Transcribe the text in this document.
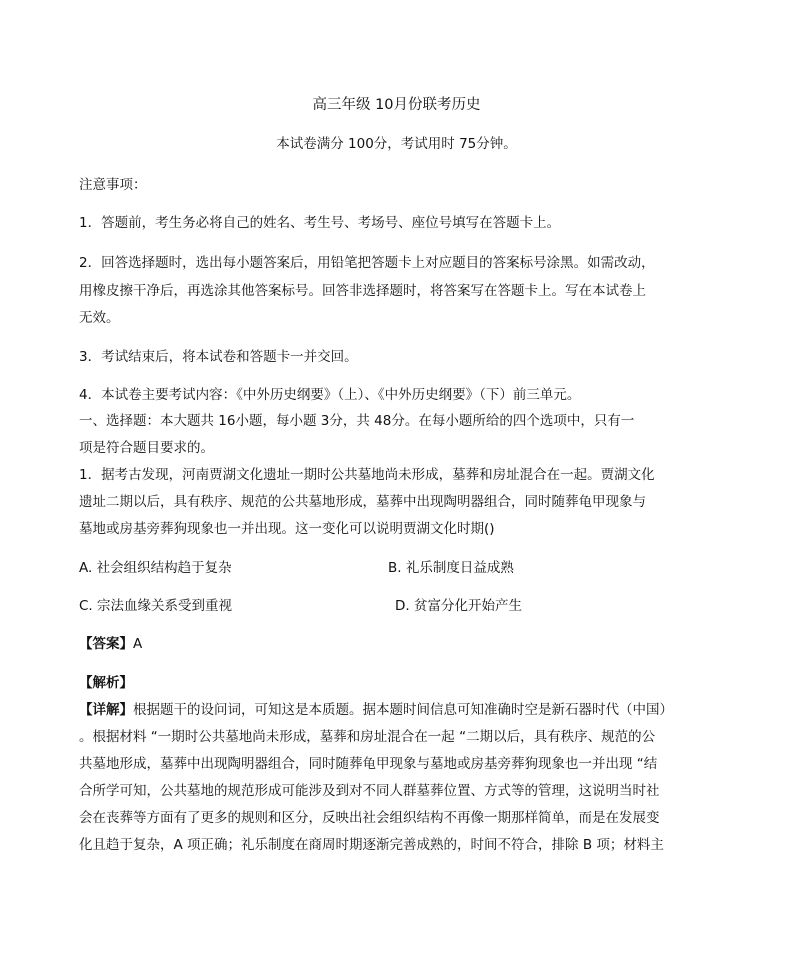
高三年级 10月份联考历史
本试卷满分 100分，考试用时 75分钟。
注意事项：
1．答题前，考生务必将自己的姓名、考生号、考场号、座位号填写在答题卡上。
2．回答选择题时，选出每小题答案后，用铅笔把答题卡上对应题目的答案标号涂黑。如需改动，
用橡皮擦干净后，再选涂其他答案标号。回答非选择题时，将答案写在答题卡上。写在本试卷上
无效。
3．考试结束后，将本试卷和答题卡一并交回。
4．本试卷主要考试内容：《中外历史纲要》（上）、《中外历史纲要》（下）前三单元。
一、选择题：本大题共 16小题，每小题 3分，共 48分。在每小题所给的四个选项中，只有一
项是符合题目要求的。
1．据考古发现，河南贾湖文化遗址一期时公共墓地尚未形成，墓葬和房址混合在一起。贾湖文化
遗址二期以后，具有秩序、规范的公共墓地形成，墓葬中出现陶明器组合，同时随葬龟甲现象与
墓地或房基旁葬狗现象也一并出现。这一变化可以说明贾湖文化时期()
A. 社会组织结构趋于复杂	B. 礼乐制度日益成熟
C. 宗法血缘关系受到重视	D. 贫富分化开始产生
【答案】A
【解析】
【详解】根据题干的设问词，可知这是本质题。据本题时间信息可知准确时空是新石器时代（中国）
。根据材料 “一期时公共墓地尚未形成，墓葬和房址混合在一起 “二期以后，具有秩序、规范的公
共墓地形成，墓葬中出现陶明器组合，同时随葬龟甲现象与墓地或房基旁葬狗现象也一并出现 “结
合所学可知，公共墓地的规范形成可能涉及到对不同人群墓葬位置、方式等的管理，这说明当时社
会在丧葬等方面有了更多的规则和区分，反映出社会组织结构不再像一期那样简单，而是在发展变
化且趋于复杂，A 项正确；礼乐制度在商周时期逐渐完善成熟的，时间不符合，排除 B 项；材料主
